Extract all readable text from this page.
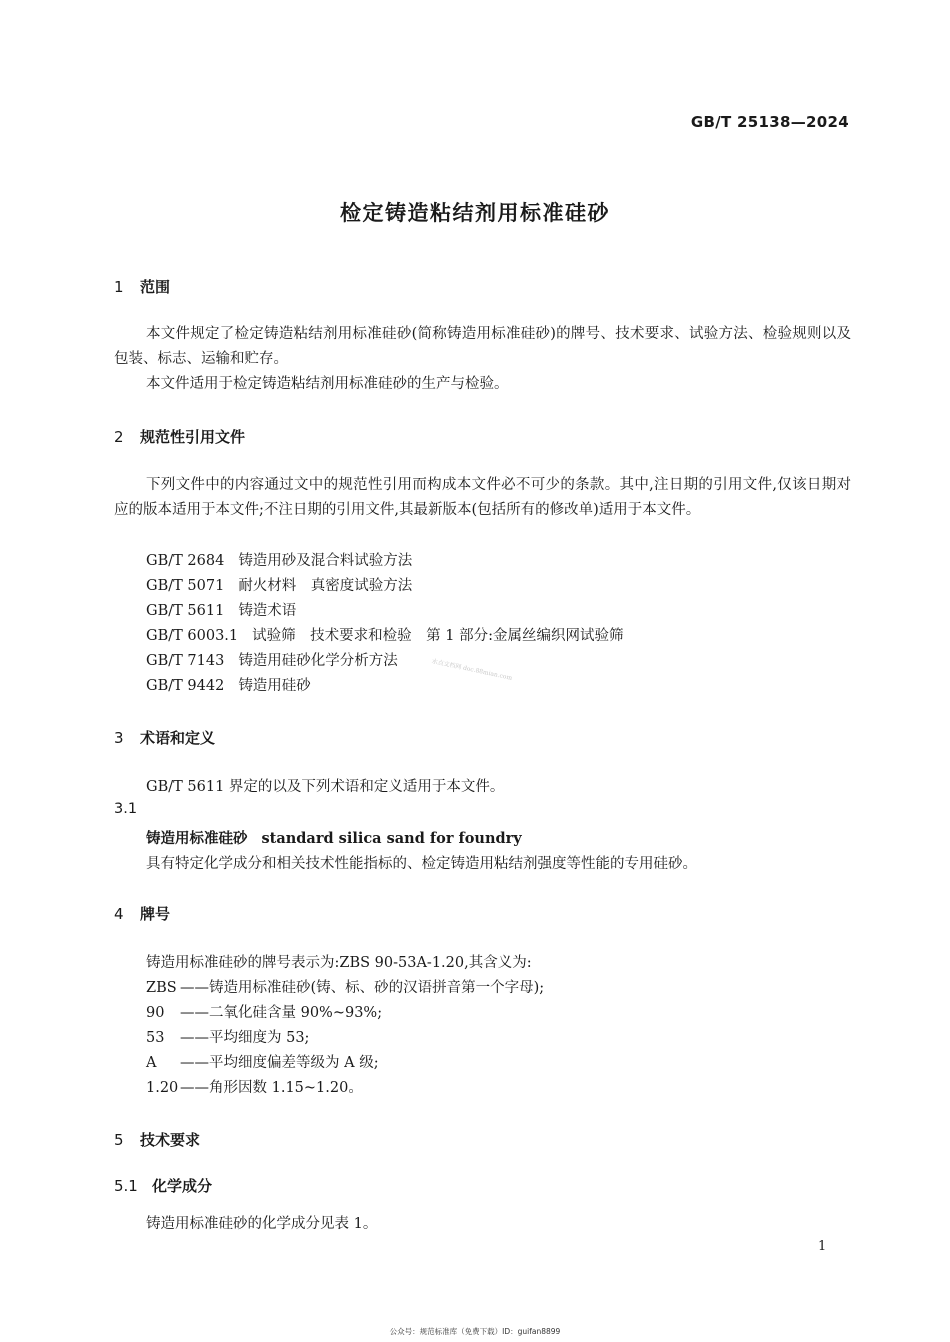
GB/T 25138—2024
检定铸造粘结剂用标准硅砂
1 范围
本文件规定了检定铸造粘结剂用标准硅砂(简称铸造用标准硅砂)的牌号、技术要求、试验方法、检验规则以及包装、标志、运输和贮存。
本文件适用于检定铸造粘结剂用标准硅砂的生产与检验。
2 规范性引用文件
下列文件中的内容通过文中的规范性引用而构成本文件必不可少的条款。其中,注日期的引用文件,仅该日期对应的版本适用于本文件;不注日期的引用文件,其最新版本(包括所有的修改单)适用于本文件。
GB/T 2684 铸造用砂及混合料试验方法
GB/T 5071 耐火材料　真密度试验方法
GB/T 5611 铸造术语
GB/T 6003.1 试验筛　技术要求和检验　第 1 部分:金属丝编织网试验筛
GB/T 7143 铸造用硅砂化学分析方法
GB/T 9442 铸造用硅砂
水点文档网 doc.88mian.com
3 术语和定义
GB/T 5611 界定的以及下列术语和定义适用于本文件。
3.1
铸造用标准硅砂 standard silica sand for foundry
具有特定化学成分和相关技术性能指标的、检定铸造用粘结剂强度等性能的专用硅砂。
4 牌号
铸造用标准硅砂的牌号表示为:ZBS 90-53A-1.20,其含义为:
ZBS ——铸造用标准硅砂(铸、标、砂的汉语拼音第一个字母);
90 ——二氧化硅含量 90%~93%;
53 ——平均细度为 53;
A ——平均细度偏差等级为 A 级;
1.20 ——角形因数 1.15~1.20。
5 技术要求
5.1 化学成分
铸造用标准硅砂的化学成分见表 1。
1
公众号：规范标准库（免费下载）ID：guifan8899
